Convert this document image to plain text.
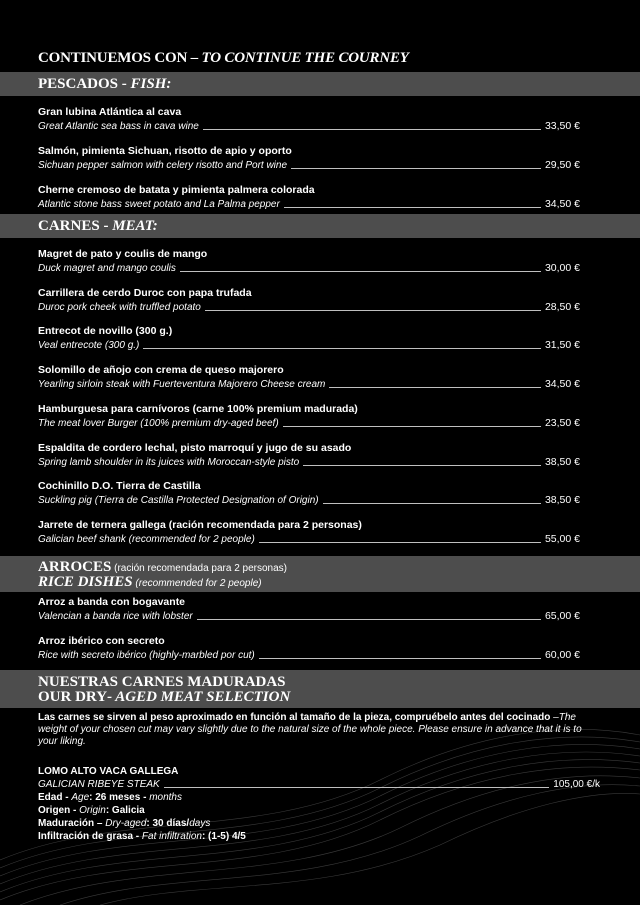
CONTINUEMOS CON – TO CONTINUE THE COURNEY
PESCADOS - FISH:
Gran lubina Atlántica al cava
Great Atlantic sea bass in cava wine	33,50 €
Salmón, pimienta Sichuan, risotto de apio y oporto
Sichuan pepper salmon with celery risotto and Port wine	29,50 €
Cherne cremoso de batata y pimienta palmera colorada
Atlantic stone bass sweet potato and La Palma pepper	34,50 €
CARNES - MEAT:
Magret de pato y coulis de mango
Duck magret and mango coulis	30,00 €
Carrillera de cerdo Duroc con papa trufada
Duroc pork cheek with truffled potato	28,50 €
Entrecot de novillo (300 g.)
Veal entrecote (300 g.)	31,50 €
Solomillo de añojo con crema de queso majorero
Yearling sirloin steak with Fuerteventura Majorero Cheese cream	34,50 €
Hamburguesa para carnívoros (carne 100% premium madurada)
The meat lover Burger (100% premium dry-aged beef)	23,50 €
Espaldita de cordero lechal, pisto marroquí y jugo de su asado
Spring lamb shoulder in its juices with Moroccan-style pisto	38,50 €
Cochinillo D.O. Tierra de Castilla
Suckling pig (Tierra de Castilla Protected Designation of Origin)	38,50 €
Jarrete de ternera gallega (ración recomendada para 2 personas)
Galician beef shank (recommended for 2 people)	55,00 €
ARROCES (ración recomendada para 2 personas)
RICE DISHES (recommended for 2 people)
Arroz a banda con bogavante
Valencian a banda rice with lobster	65,00 €
Arroz ibérico con secreto
Rice with secreto ibérico (highly-marbled por cut)	60,00 €
NUESTRAS CARNES MADURADAS
OUR DRY- AGED MEAT SELECTION
Las carnes se sirven al peso aproximado en función al tamaño de la pieza, compruébelo antes del cocinado –The weight of your chosen cut may vary slightly due to the natural size of the whole piece. Please ensure in advance that it is to your liking.
LOMO ALTO VACA GALLEGA
GALICIAN RIBEYE STEAK	105,00 €/k
Edad - Age: 26 meses - months
Origen - Origin: Galicia
Maduración – Dry-aged: 30 días/days
Infiltración de grasa - Fat infiltration: (1-5) 4/5
